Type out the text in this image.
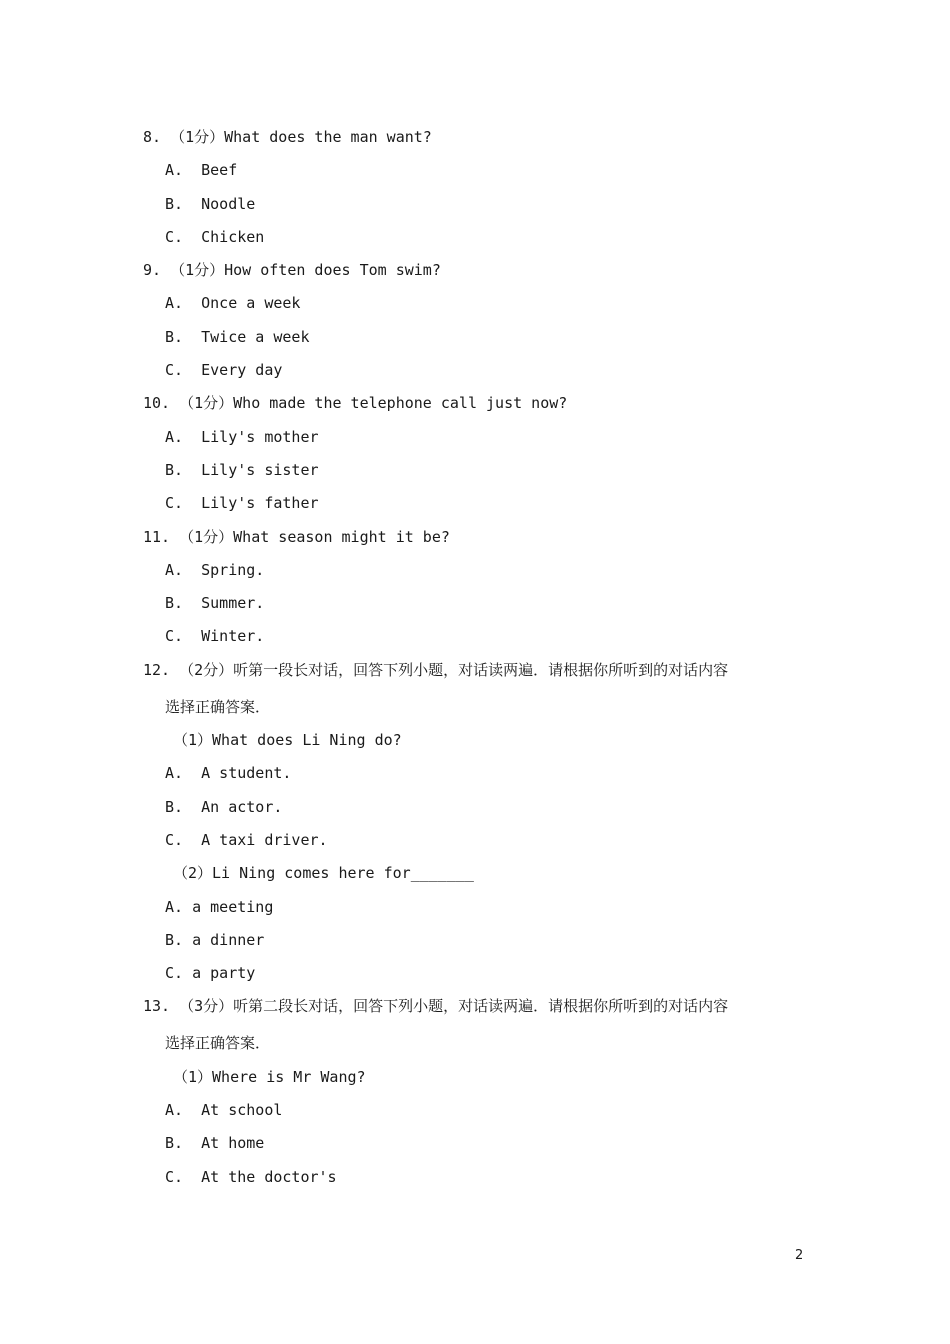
8. （1分）What does the man want?
A.  Beef
B.  Noodle
C.  Chicken
9. （1分）How often does Tom swim?
A.  Once a week
B.  Twice a week
C.  Every day
10. （1分）Who made the telephone call just now?
A.  Lily's mother
B.  Lily's sister
C.  Lily's father
11. （1分）What season might it be?
A.  Spring.
B.  Summer.
C.  Winter.
12. （2分）听第一段长对话，回答下列小题，对话读两遍．请根据你所听到的对话内容
选择正确答案．
（1）What does Li Ning do?
A.  A student.
B.  An actor.
C.  A taxi driver.
（2）Li Ning comes here for_______
A. a meeting
B. a dinner
C. a party
13. （3分）听第二段长对话，回答下列小题，对话读两遍．请根据你所听到的对话内容
选择正确答案．
（1）Where is Mr Wang?
A.  At school
B.  At home
C.  At the doctor's
2
